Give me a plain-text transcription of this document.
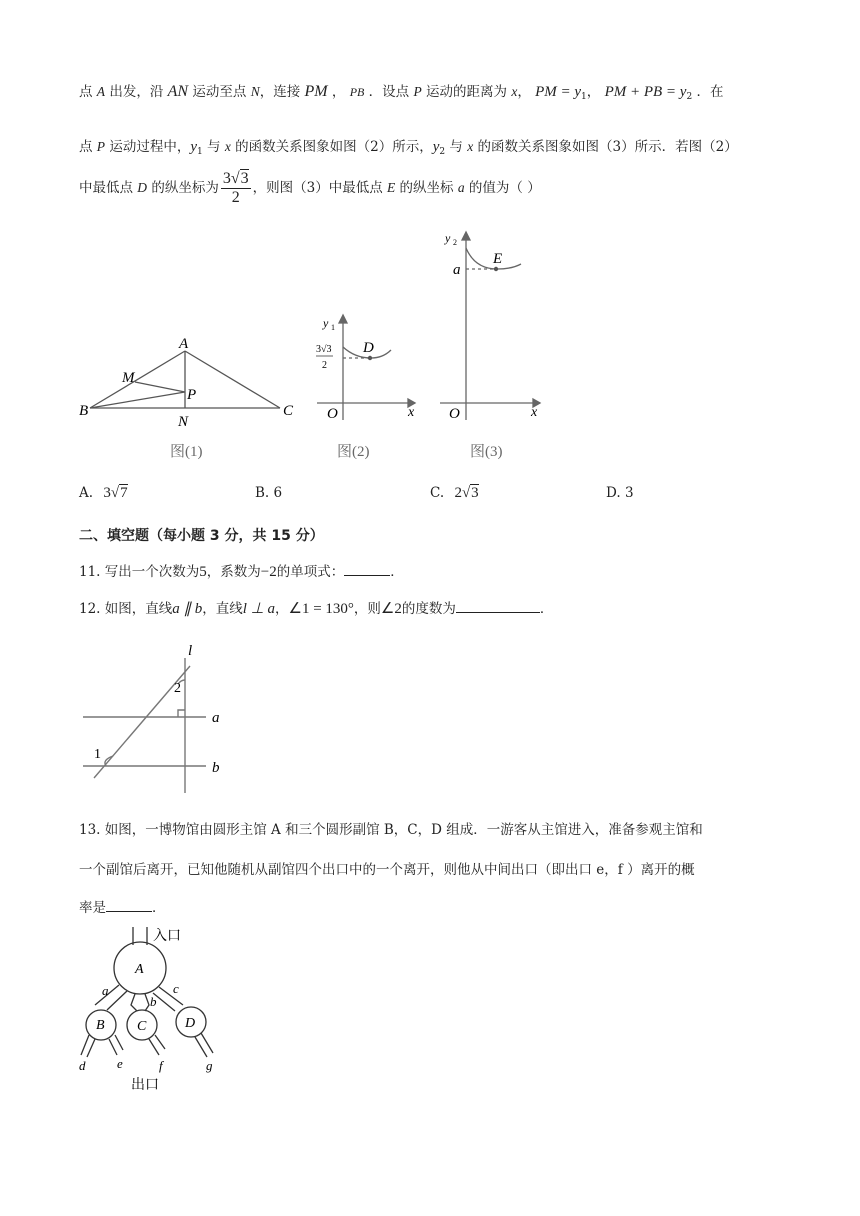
点 A 出发，沿 AN 运动至点 N，连接 PM ， PB ．设点 P 运动的距离为 x， PM = $y_1$， PM + PB = $y_2$ ．在
点 P 运动过程中，$y_1$ 与 x 的函数关系图象如图（2）所示，$y_2$ 与 x 的函数关系图象如图（3）所示．若图（2）
中最低点 D 的纵坐标为 $\frac{3√3}{2}$ ，则图（3）中最低点 E 的纵坐标 a 的值为（ ）
A
B	C
M
P
N
图(1)
D
y 1
3√3
2
O	x
图(2)
E
y 2
a
O	x
图(3)
A. 3√7	B. 6	C. 2√3	D. 3
二、填空题（每小题 3 分，共 15 分）
11. 写出一个次数为5，系数为−2的单项式：	．
12. 如图，直线a ∥ b，直线l ⊥ a，∠1 = 130°，则∠2的度数为	．
l
a
b
2
1
13. 如图，一博物馆由圆形主馆 A 和三个圆形副馆 B，C，D 组成．一游客从主馆进入，准备参观主馆和
一个副馆后离开，已知他随机从副馆四个出口中的一个离开，则他从中间出口（即出口 e，f ）离开的概
率是	．
入口
A
B C	D
a
b
c
d e	f	g
出口
